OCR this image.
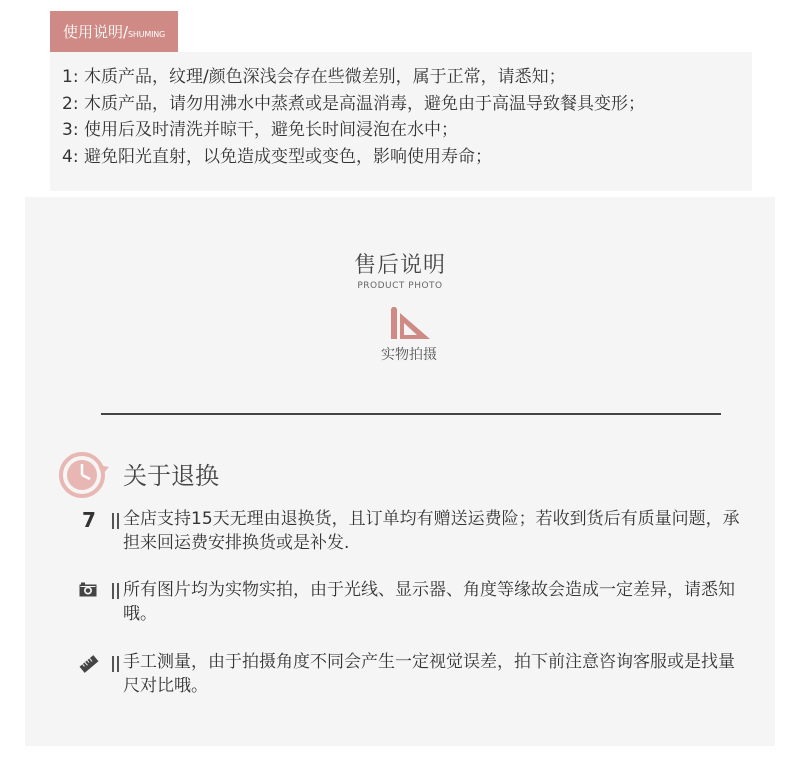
使用说明/ SHUMING
1: 木质产品，纹理/颜色深浅会存在些微差别，属于正常，请悉知；
2: 木质产品，请勿用沸水中蒸煮或是高温消毒，避免由于高温导致餐具变形；
3: 使用后及时清洗并晾干，避免长时间浸泡在水中；
4: 避免阳光直射，以免造成变型或变色，影响使用寿命；
售后说明
PRODUCT PHOTO
实物拍摄
关于退换
7 全店支持15天无理由退换货，且订单均有赠送运费险；若收到货后有质量问题，承担来回运费安排换货或是补发.
所有图片均为实物实拍，由于光线、显示器、角度等缘故会造成一定差异，请悉知哦。
手工测量，由于拍摄角度不同会产生一定视觉误差，拍下前注意咨询客服或是找量尺对比哦。
